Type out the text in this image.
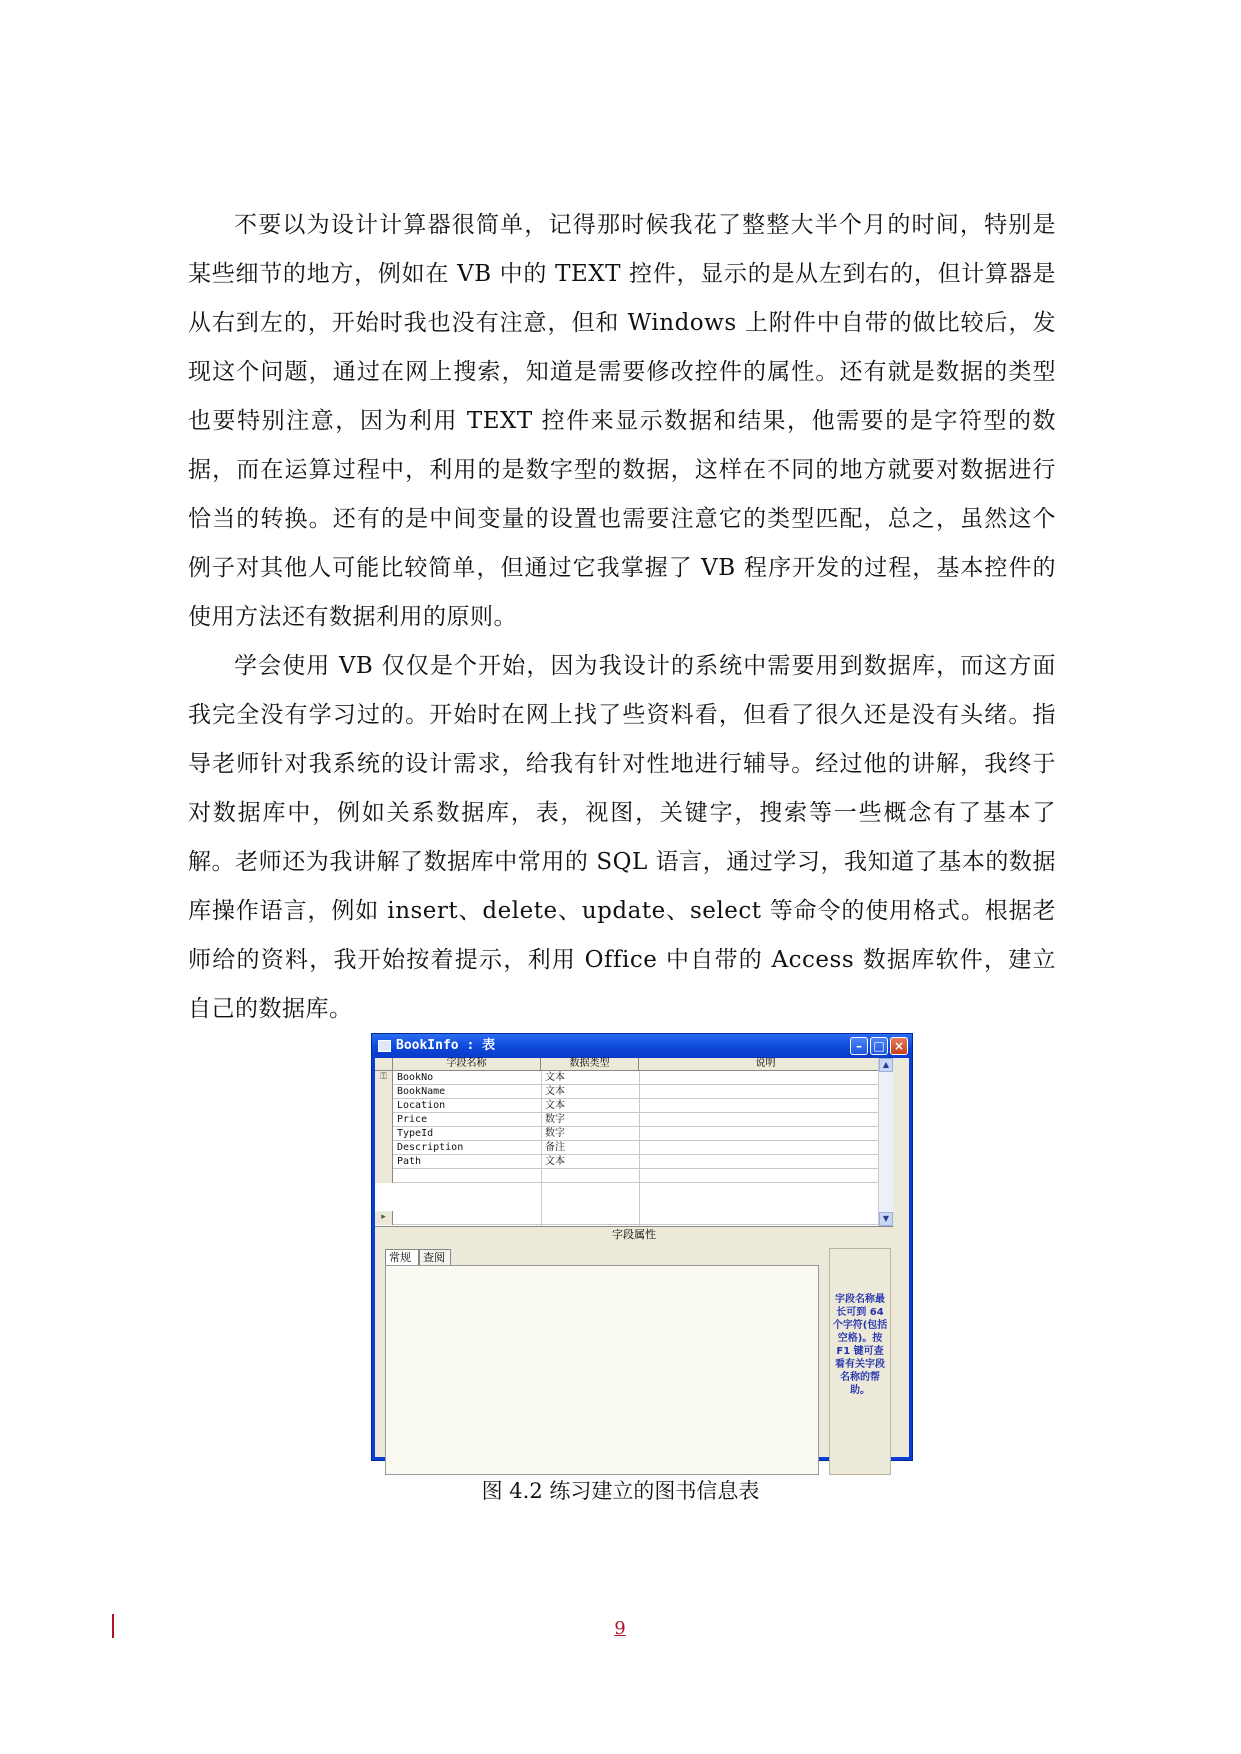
不要以为设计计算器很简单，记得那时候我花了整整大半个月的时间，特别是某些细节的地方，例如在 VB 中的 TEXT 控件，显示的是从左到右的，但计算器是从右到左的，开始时我也没有注意，但和 Windows 上附件中自带的做比较后，发现这个问题，通过在网上搜索，知道是需要修改控件的属性。还有就是数据的类型也要特别注意，因为利用 TEXT 控件来显示数据和结果，他需要的是字符型的数据，而在运算过程中，利用的是数字型的数据，这样在不同的地方就要对数据进行恰当的转换。还有的是中间变量的设置也需要注意它的类型匹配，总之，虽然这个例子对其他人可能比较简单，但通过它我掌握了 VB 程序开发的过程，基本控件的使用方法还有数据利用的原则。

学会使用 VB 仅仅是个开始，因为我设计的系统中需要用到数据库，而这方面我完全没有学习过的。开始时在网上找了些资料看，但看了很久还是没有头绪。指导老师针对我系统的设计需求，给我有针对性地进行辅导。经过他的讲解，我终于对数据库中，例如关系数据库，表，视图，关键字，搜索等一些概念有了基本了解。老师还为我讲解了数据库中常用的 SQL 语言，通过学习，我知道了基本的数据库操作语言，例如 insert、delete、update、select 等命令的使用格式。根据老师给的资料，我开始按着提示，利用 Office 中自带的 Access 数据库软件，建立自己的数据库。

BookInfo : 表	– □ ×
字段名称	数据类型	说明
⚿	BookNo	文本
BookName	文本
Location	文本
Price	数字
TypeId	数字
Description	备注
Path	文本
▸
▲
▼
字段属性
常规	查阅
字段名称最长可到 64 个字符(包括空格)。按 F1 键可查看有关字段名称的帮助。
图 4.2 练习建立的图书信息表
9
